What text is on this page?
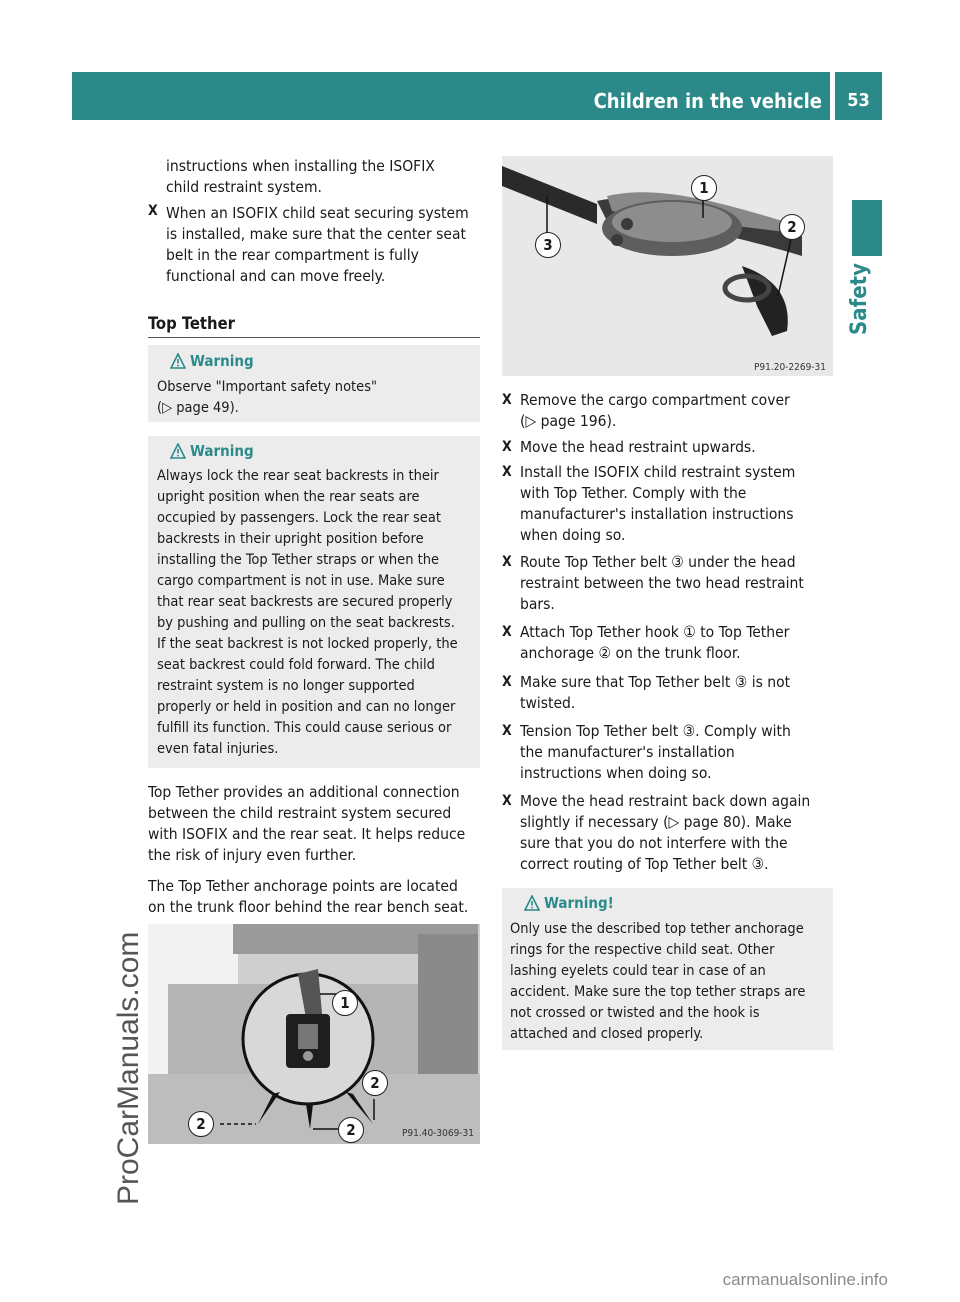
Children in the vehicle	53
Safety
ProCarManuals.com
instructions when installing the ISOFIX
child restraint system.
X When an ISOFIX child seat securing system
is installed, make sure that the center seat
belt in the rear compartment is fully
functional and can move freely.
Top Tether
Warning
Observe "Important safety notes"
(▷ page 49).
Warning
Always lock the rear seat backrests in their
upright position when the rear seats are
occupied by passengers. Lock the rear seat
backrests in their upright position before
installing the Top Tether straps or when the
cargo compartment is not in use. Make sure
that rear seat backrests are secured properly
by pushing and pulling on the seat backrests.
If the seat backrest is not locked properly, the
seat backrest could fold forward. The child
restraint system is no longer supported
properly or held in position and can no longer
fulfill its function. This could cause serious or
even fatal injuries.
Top Tether provides an additional connection
between the child restraint system secured
with ISOFIX and the rear seat. It helps reduce
the risk of injury even further.
The Top Tether anchorage points are located
on the trunk floor behind the rear bench seat.
1
2
2	2	P91.40-3069-31
1
2
3
P91.20-2269-31
X Remove the cargo compartment cover
(▷ page 196).
X Move the head restraint upwards.
X Install the ISOFIX child restraint system
with Top Tether. Comply with the
manufacturer's installation instructions
when doing so.
X Route Top Tether belt ③ under the head
restraint between the two head restraint
bars.
X Attach Top Tether hook ① to Top Tether
anchorage ② on the trunk floor.
X Make sure that Top Tether belt ③ is not
twisted.
X Tension Top Tether belt ③. Comply with
the manufacturer's installation
instructions when doing so.
X Move the head restraint back down again
slightly if necessary (▷ page 80). Make
sure that you do not interfere with the
correct routing of Top Tether belt ③.
Warning!
Only use the described top tether anchorage
rings for the respective child seat. Other
lashing eyelets could tear in case of an
accident. Make sure the top tether straps are
not crossed or twisted and the hook is
attached and closed properly.
carmanualsonline.info
